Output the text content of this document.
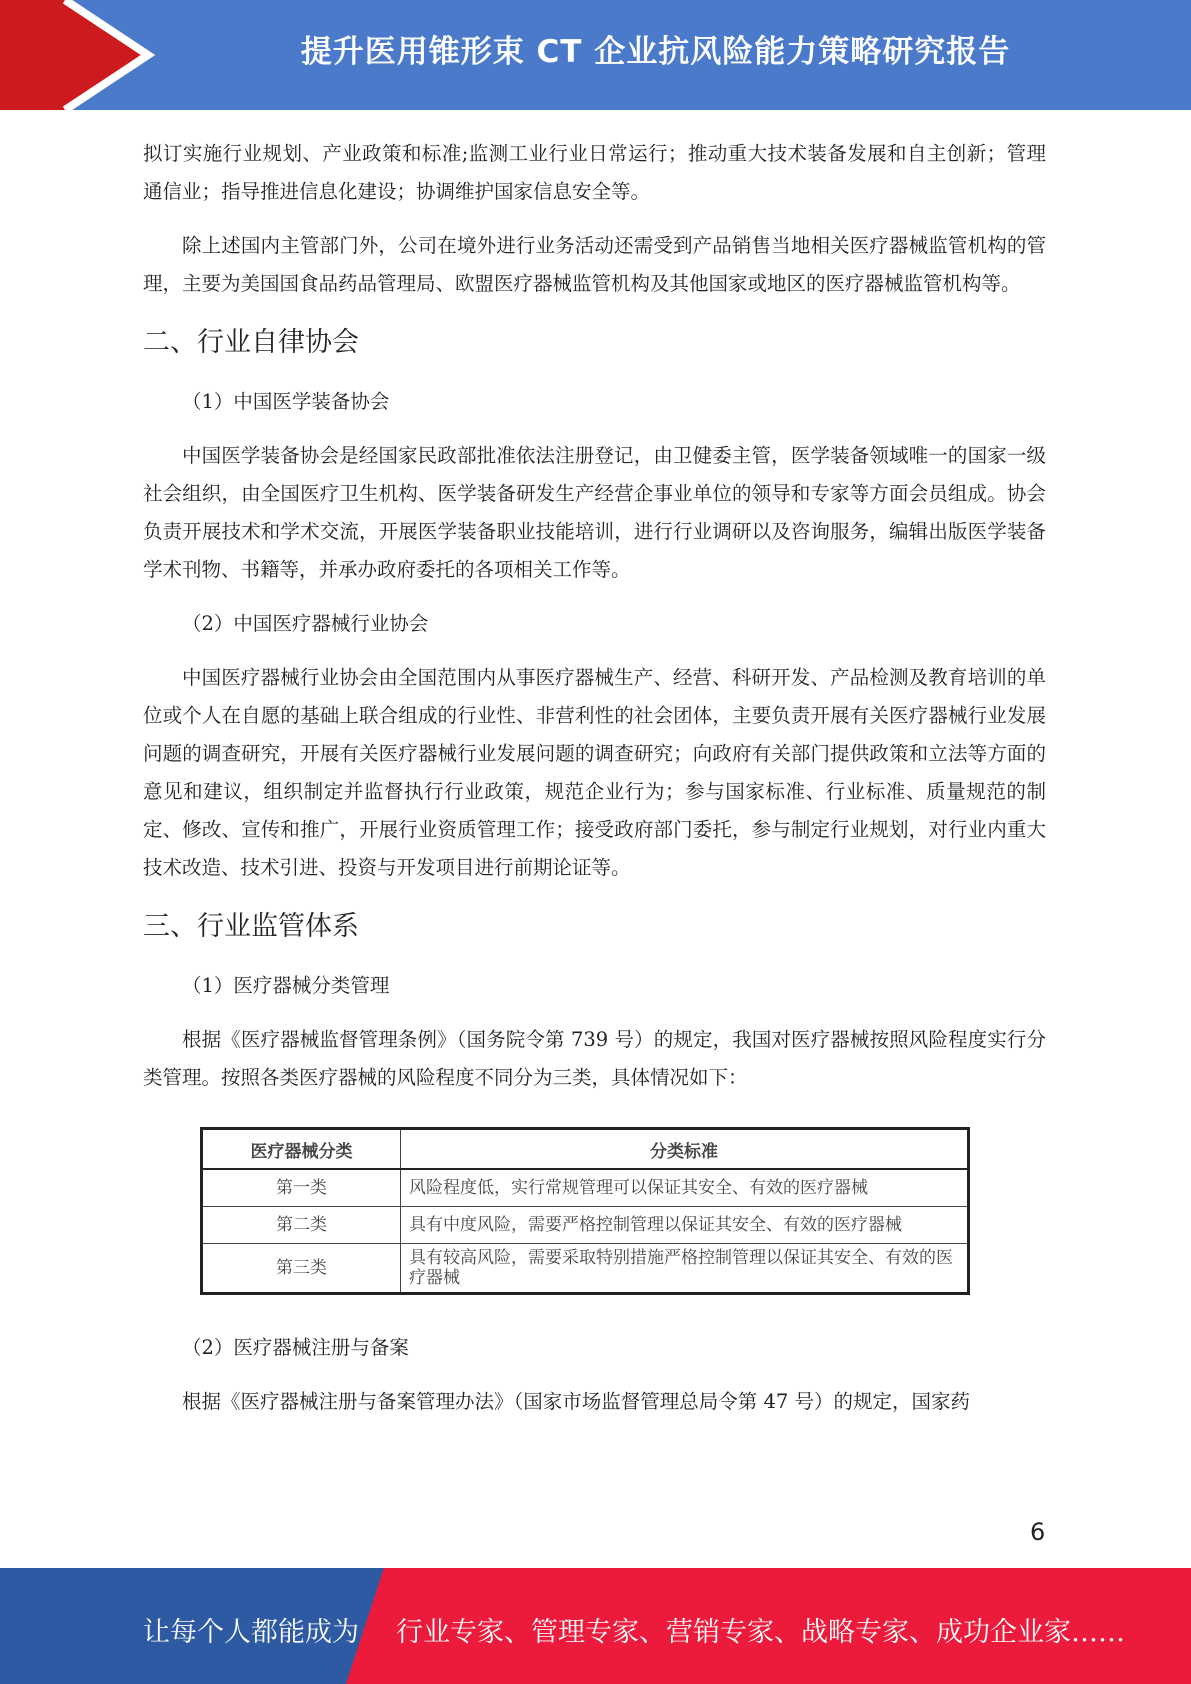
提升医用锥形束 CT 企业抗风险能力策略研究报告

拟订实施行业规划、产业政策和标准;监测工业行业日常运行；推动重大技术装备发展和自主创新；管理通信业；指导推进信息化建设；协调维护国家信息安全等。

除上述国内主管部门外，公司在境外进行业务活动还需受到产品销售当地相关医疗器械监管机构的管理，主要为美国国食品药品管理局、欧盟医疗器械监管机构及其他国家或地区的医疗器械监管机构等。

二、行业自律协会
（1）中国医学装备协会

中国医学装备协会是经国家民政部批准依法注册登记，由卫健委主管，医学装备领域唯一的国家一级社会组织，由全国医疗卫生机构、医学装备研发生产经营企事业单位的领导和专家等方面会员组成。协会负责开展技术和学术交流，开展医学装备职业技能培训，进行行业调研以及咨询服务，编辑出版医学装备学术刊物、书籍等，并承办政府委托的各项相关工作等。

（2）中国医疗器械行业协会

中国医疗器械行业协会由全国范围内从事医疗器械生产、经营、科研开发、产品检测及教育培训的单位或个人在自愿的基础上联合组成的行业性、非营利性的社会团体，主要负责开展有关医疗器械行业发展问题的调查研究，开展有关医疗器械行业发展问题的调查研究；向政府有关部门提供政策和立法等方面的意见和建议，组织制定并监督执行行业政策，规范企业行为；参与国家标准、行业标准、质量规范的制定、修改、宣传和推广，开展行业资质管理工作；接受政府部门委托，参与制定行业规划，对行业内重大技术改造、技术引进、投资与开发项目进行前期论证等。

三、行业监管体系
（1）医疗器械分类管理

根据《医疗器械监督管理条例》（国务院令第 739 号）的规定，我国对医疗器械按照风险程度实行分类管理。按照各类医疗器械的风险程度不同分为三类，具体情况如下：

医疗器械分类	分类标准
第一类	风险程度低，实行常规管理可以保证其安全、有效的医疗器械
第二类	具有中度风险，需要严格控制管理以保证其安全、有效的医疗器械
第三类	具有较高风险，需要采取特别措施严格控制管理以保证其安全、有效的医疗器械
（2）医疗器械注册与备案

根据《医疗器械注册与备案管理办法》（国家市场监督管理总局令第 47 号）的规定，国家药

6
让每个人都能成为 行业专家、管理专家、营销专家、战略专家、成功企业家……
